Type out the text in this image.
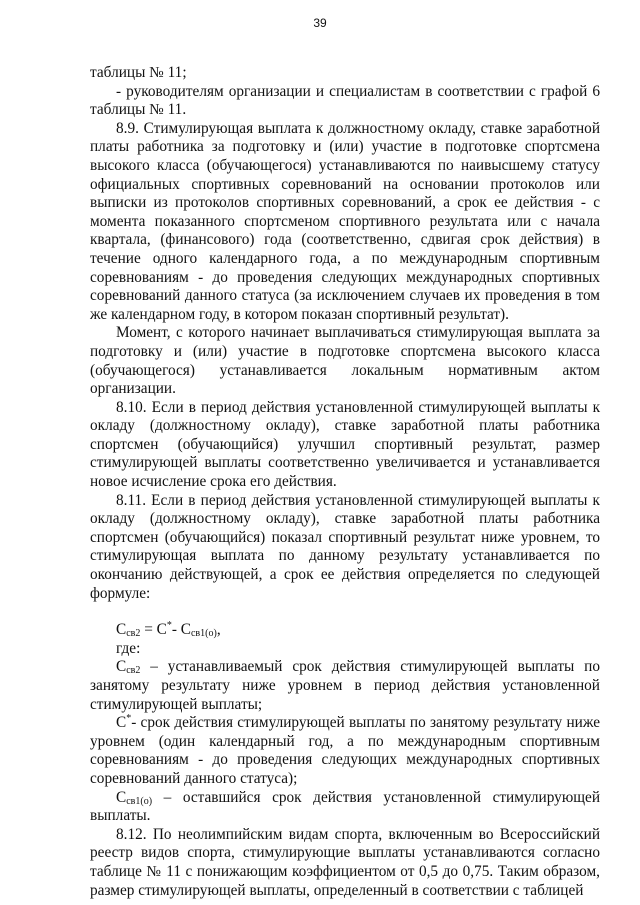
39

таблицы № 11;

- руководителям организации и специалистам в соответствии с графой 6 таблицы № 11.

8.9. Стимулирующая выплата к должностному окладу, ставке заработной платы работника за подготовку и (или) участие в подготовке спортсмена высокого класса (обучающегося) устанавливаются по наивысшему статусу официальных спортивных соревнований на основании протоколов или выписки из протоколов спортивных соревнований, а срок ее действия - с момента показанного спортсменом спортивного результата или с начала квартала, (финансового) года (соответственно, сдвигая срок действия) в течение одного календарного года, а по международным спортивным соревнованиям - до проведения следующих международных спортивных соревнований данного статуса (за исключением случаев их проведения в том же календарном году, в котором показан спортивный результат).

Момент, с которого начинает выплачиваться стимулирующая выплата за подготовку и (или) участие в подготовке спортсмена высокого класса (обучающегося) устанавливается локальным нормативным актом организации.

8.10. Если в период действия установленной стимулирующей выплаты к окладу (должностному окладу), ставке заработной платы работника спортсмен (обучающийся) улучшил спортивный результат, размер стимулирующей выплаты соответственно увеличивается и устанавливается новое исчисление срока его действия.

8.11. Если в период действия установленной стимулирующей выплаты к окладу (должностному окладу), ставке заработной платы работника спортсмен (обучающийся) показал спортивный результат ниже уровнем, то стимулирующая выплата по данному результату устанавливается по окончанию действующей, а срок ее действия определяется по следующей формуле:

$С_{св2} = С^*-$ $С_{св1(о)}$,

где:

$С_{св2}$ – устанавливаемый срок действия стимулирующей выплаты по занятому результату ниже уровнем в период действия установленной стимулирующей выплаты;

С*- срок действия стимулирующей выплаты по занятому результату ниже уровнем (один календарный год, а по международным спортивным соревнованиям - до проведения следующих международных спортивных соревнований данного статуса);

$С_{св1(о)}$ – оставшийся срок действия установленной стимулирующей выплаты.

8.12. По неолимпийским видам спорта, включенным во Всероссийский реестр видов спорта, стимулирующие выплаты устанавливаются согласно таблице № 11 с понижающим коэффициентом от 0,5 до 0,75. Таким образом, размер стимулирующей выплаты, определенный в соответствии с таблицей
